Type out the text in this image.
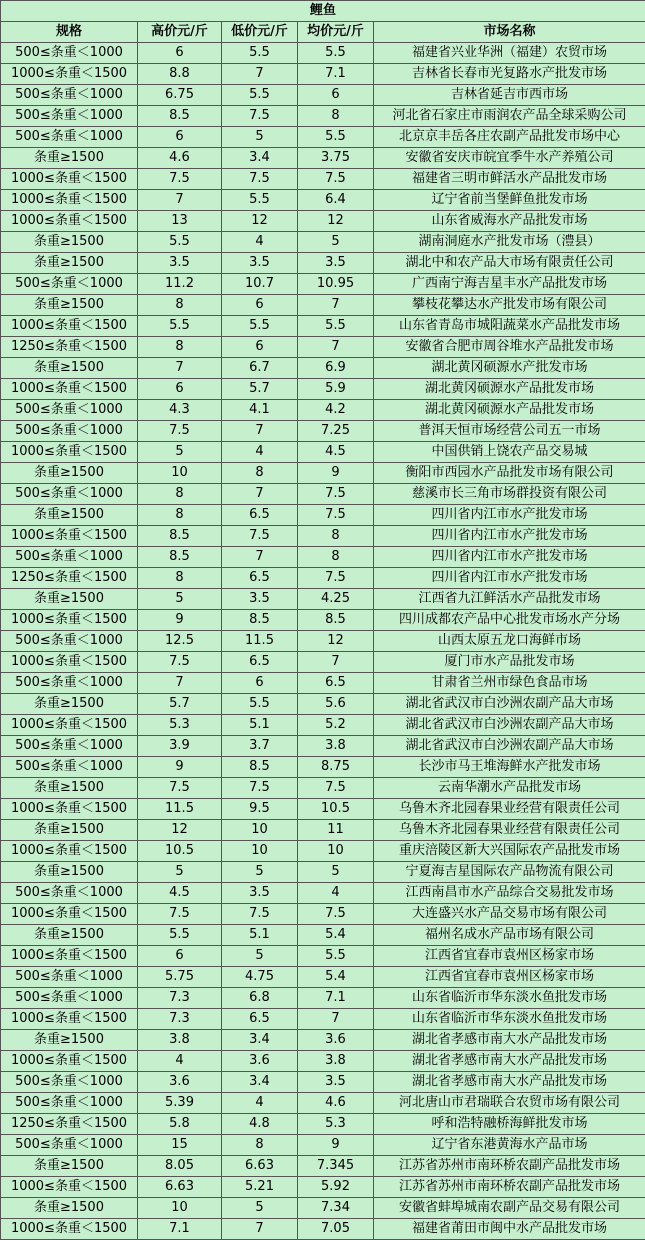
鲤鱼				
规格	高价元/斤	低价元/斤	均价元/斤	市场名称
500≤条重＜1000	6	5.5	5.5	福建省兴业华洲（福建）农贸市场
1000≤条重＜1500	8.8	7	7.1	吉林省长春市光复路水产批发市场
500≤条重＜1000	6.75	5.5	6	吉林省延吉市西市场
500≤条重＜1000	8.5	7.5	8	河北省石家庄市雨润农产品全球采购公司
500≤条重＜1000	6	5	5.5	北京京丰岳各庄农副产品批发市场中心
条重≥1500	4.6	3.4	3.75	安徽省安庆市皖宜季牛水产养殖公司
1000≤条重＜1500	7.5	7.5	7.5	福建省三明市鲜活水产品批发市场
1000≤条重＜1500	7	5.5	6.4	辽宁省前当堡鲜鱼批发市场
1000≤条重＜1500	13	12	12	山东省威海水产品批发市场
条重≥1500	5.5	4	5	湖南洞庭水产批发市场（澧县）
条重≥1500	3.5	3.5	3.5	湖北中和农产品大市场有限责任公司
500≤条重＜1000	11.2	10.7	10.95	广西南宁海吉星丰水产品批发市场
条重≥1500	8	6	7	攀枝花攀达水产批发市场有限公司
1000≤条重＜1500	5.5	5.5	5.5	山东省青岛市城阳蔬菜水产品批发市场
1250≤条重＜1500	8	6	7	安徽省合肥市周谷堆水产品批发市场
条重≥1500	7	6.7	6.9	湖北黄冈硕源水产批发市场
1000≤条重＜1500	6	5.7	5.9	湖北黄冈硕源水产品批发市场
500≤条重＜1000	4.3	4.1	4.2	湖北黄冈硕源水产品批发市场
500≤条重＜1000	7.5	7	7.25	普洱天恒市场经营公司五一市场
1000≤条重＜1500	5	4	4.5	中国供销上饶农产品交易城
条重≥1500	10	8	9	衡阳市西园水产品批发市场有限公司
500≤条重＜1000	8	7	7.5	慈溪市长三角市场群投资有限公司
条重≥1500	8	6.5	7.5	四川省内江市水产批发市场
1000≤条重＜1500	8.5	7.5	8	四川省内江市水产批发市场
500≤条重＜1000	8.5	7	8	四川省内江市水产批发市场
1250≤条重＜1500	8	6.5	7.5	四川省内江市水产批发市场
条重≥1500	5	3.5	4.25	江西省九江鲜活水产品批发市场
1000≤条重＜1500	9	8.5	8.5	四川成都农产品中心批发市场水产分场
500≤条重＜1000	12.5	11.5	12	山西太原五龙口海鲜市场
1000≤条重＜1500	7.5	6.5	7	厦门市水产品批发市场
500≤条重＜1000	7	6	6.5	甘肃省兰州市绿色食品市场
条重≥1500	5.7	5.5	5.6	湖北省武汉市白沙洲农副产品大市场
1000≤条重＜1500	5.3	5.1	5.2	湖北省武汉市白沙洲农副产品大市场
500≤条重＜1000	3.9	3.7	3.8	湖北省武汉市白沙洲农副产品大市场
500≤条重＜1000	9	8.5	8.75	长沙市马王堆海鲜水产批发市场
条重≥1500	7.5	7.5	7.5	云南华潮水产品批发市场
1000≤条重＜1500	11.5	9.5	10.5	乌鲁木齐北园春果业经营有限责任公司
条重≥1500	12	10	11	乌鲁木齐北园春果业经营有限责任公司
1000≤条重＜1500	10.5	10	10	重庆涪陵区新大兴国际农产品批发市场
条重≥1500	5	5	5	宁夏海吉星国际农产品物流有限公司
500≤条重＜1000	4.5	3.5	4	江西南昌市水产品综合交易批发市场
1000≤条重＜1500	7.5	7.5	7.5	大连盛兴水产品交易市场有限公司
条重≥1500	5.5	5.1	5.4	福州名成水产品市场有限公司
1000≤条重＜1500	6	5	5.5	江西省宜春市袁州区杨家市场
500≤条重＜1000	5.75	4.75	5.4	江西省宜春市袁州区杨家市场
500≤条重＜1000	7.3	6.8	7.1	山东省临沂市华东淡水鱼批发市场
1000≤条重＜1500	7.3	6.5	7	山东省临沂市华东淡水鱼批发市场
条重≥1500	3.8	3.4	3.6	湖北省孝感市南大水产品批发市场
1000≤条重＜1500	4	3.6	3.8	湖北省孝感市南大水产品批发市场
500≤条重＜1000	3.6	3.4	3.5	湖北省孝感市南大水产品批发市场
500≤条重＜1000	5.39	4	4.6	河北唐山市君瑞联合农贸市场有限公司
1250≤条重＜1500	5.8	4.8	5.3	呼和浩特融桥海鲜批发市场
500≤条重＜1000	15	8	9	辽宁省东港黄海水产品市场
条重≥1500	8.05	6.63	7.345	江苏省苏州市南环桥农副产品批发市场
1000≤条重＜1500	6.63	5.21	5.92	江苏省苏州市南环桥农副产品批发市场
条重≥1500	10	5	7.34	安徽省蚌埠城南农副产品交易有限公司
1000≤条重＜1500	7.1	7	7.05	福建省莆田市闽中水产品批发市场
